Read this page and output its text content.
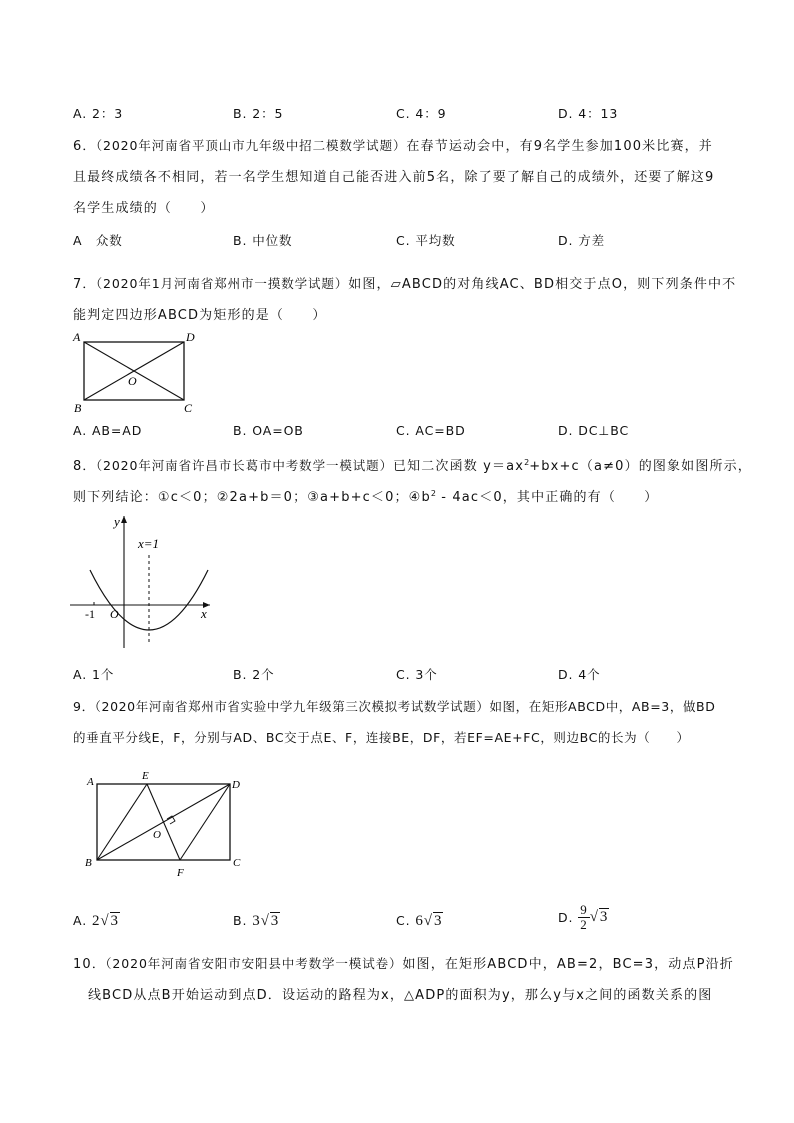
A. 2：3	B. 2：5	C. 4：9	D. 4：13
6．（2020年河南省平顶山市九年级中招二模数学试题）在春节运动会中，有9名学生参加100米比赛，并
且最终成绩各不相同，若一名学生想知道自己能否进入前5名，除了要了解自己的成绩外，还要了解这9
名学生成绩的（　　）
A　众数	B. 中位数	C. 平均数	D. 方差
7．（2020年1月河南省郑州市一摸数学试题）如图，▱ABCD的对角线AC、BD相交于点O，则下列条件中不
能判定四边形ABCD为矩形的是（　　）
A	D
B	C
O
A. AB=AD	B. OA=OB	C. AC=BD	D. DC⊥BC
8．（2020年河南省许昌市长葛市中考数学一模试题）已知二次函数 $y=ax^2+bx+c(a\ne 0)$的图象如图所示，
则下列结论：①c＜0；②2a+b＝0；③a+b+c＜0；$④b^2 - 4ac<0$，其中正确的有（　　）
y
x
x=1
-1 O
A. 1个	B. 2个	C. 3个	D. 4个
9．（2020年河南省郑州市省实验中学九年级第三次模拟考试数学试题）如图，在矩形ABCD中，AB=3，做BD
的垂直平分线E，F，分别与AD、BC交于点E、F，连接BE，DF，若EF=AE+FC，则边BC的长为（　　）
A	E
D
B
F
C
O
A. 2√3	B. 3√3	C. 6√3	D. $\frac{9}{2} √3$
10．（2020年河南省安阳市安阳县中考数学一模试卷）如图，在矩形ABCD中，AB=2，BC=3，动点P沿折
线BCD从点B开始运动到点D．设运动的路程为x，△ADP的面积为y，那么y与x之间的函数关系的图
